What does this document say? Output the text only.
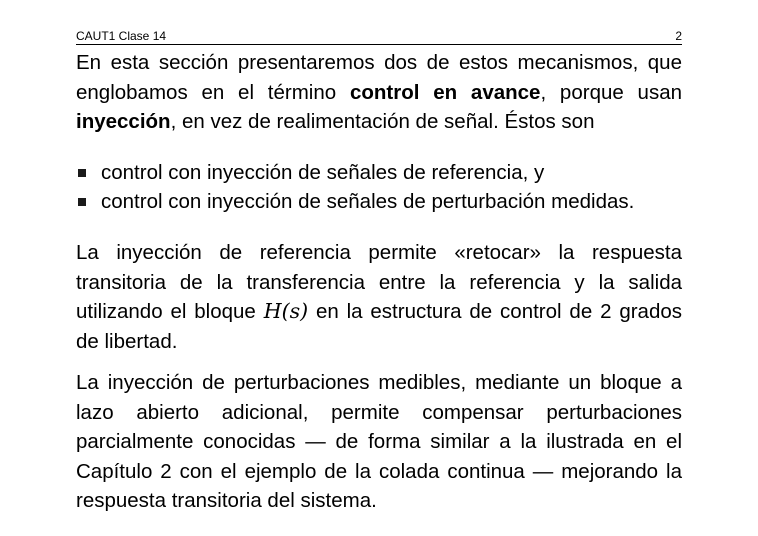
CAUT1 Clase 14	2
En esta sección presentaremos dos de estos mecanismos, que englobamos en el término control en avance, porque usan inyección, en vez de realimentación de señal. Éstos son
control con inyección de señales de referencia, y
control con inyección de señales de perturbación medidas.
La inyección de referencia permite «retocar» la respuesta transitoria de la transferencia entre la referencia y la salida utilizando el bloque H(s) en la estructura de control de 2 grados de libertad.
La inyección de perturbaciones medibles, mediante un bloque a lazo abierto adicional, permite compensar perturbaciones parcialmente conocidas — de forma similar a la ilustrada en el Capítulo 2 con el ejemplo de la colada continua — mejorando la respuesta transitoria del sistema.
